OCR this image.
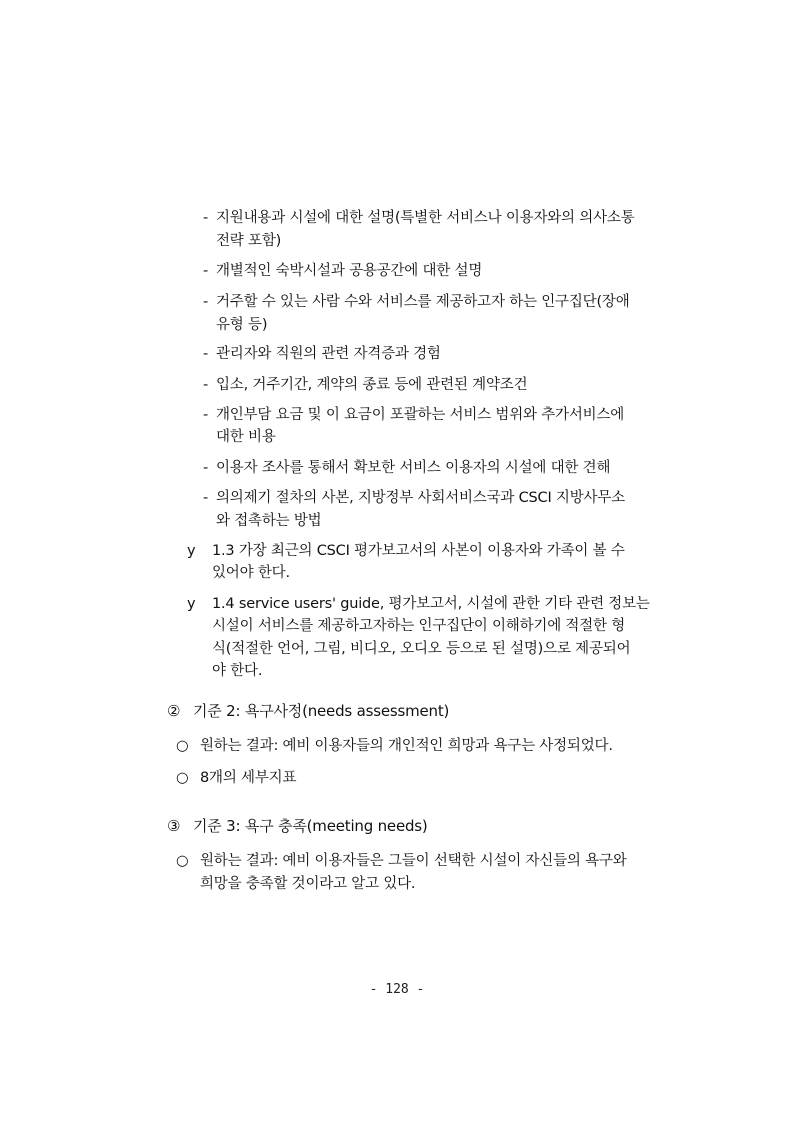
- 지원내용과 시설에 대한 설명(특별한 서비스나 이용자와의 의사소통
전략 포함)
- 개별적인 숙박시설과 공용공간에 대한 설명
- 거주할 수 있는 사람 수와 서비스를 제공하고자 하는 인구집단(장애
유형 등)
- 관리자와 직원의 관련 자격증과 경험
- 입소, 거주기간, 계약의 종료 등에 관련된 계약조건
- 개인부담 요금 및 이 요금이 포괄하는 서비스 범위와 추가서비스에
대한 비용
- 이용자 조사를 통해서 확보한 서비스 이용자의 시설에 대한 견해
- 의의제기 절차의 사본, 지방정부 사회서비스국과 CSCI 지방사무소
와 접촉하는 방법
y 1.3 가장 최근의 CSCI 평가보고서의 사본이 이용자와 가족이 볼 수
있어야 한다.
y 1.4 service users' guide, 평가보고서, 시설에 관한 기타 관련 정보는
시설이 서비스를 제공하고자하는 인구집단이 이해하기에 적절한 형
식(적절한 언어, 그림, 비디오, 오디오 등으로 된 설명)으로 제공되어
야 한다.
② 기준 2: 욕구사정(needs assessment)
○ 원하는 결과: 예비 이용자들의 개인적인 희망과 욕구는 사정되었다.
○ 8개의 세부지표
③ 기준 3: 욕구 충족(meeting needs)
○ 원하는 결과: 예비 이용자들은 그들이 선택한 시설이 자신들의 욕구와
희망을 충족할 것이라고 알고 있다.
- 128 -
